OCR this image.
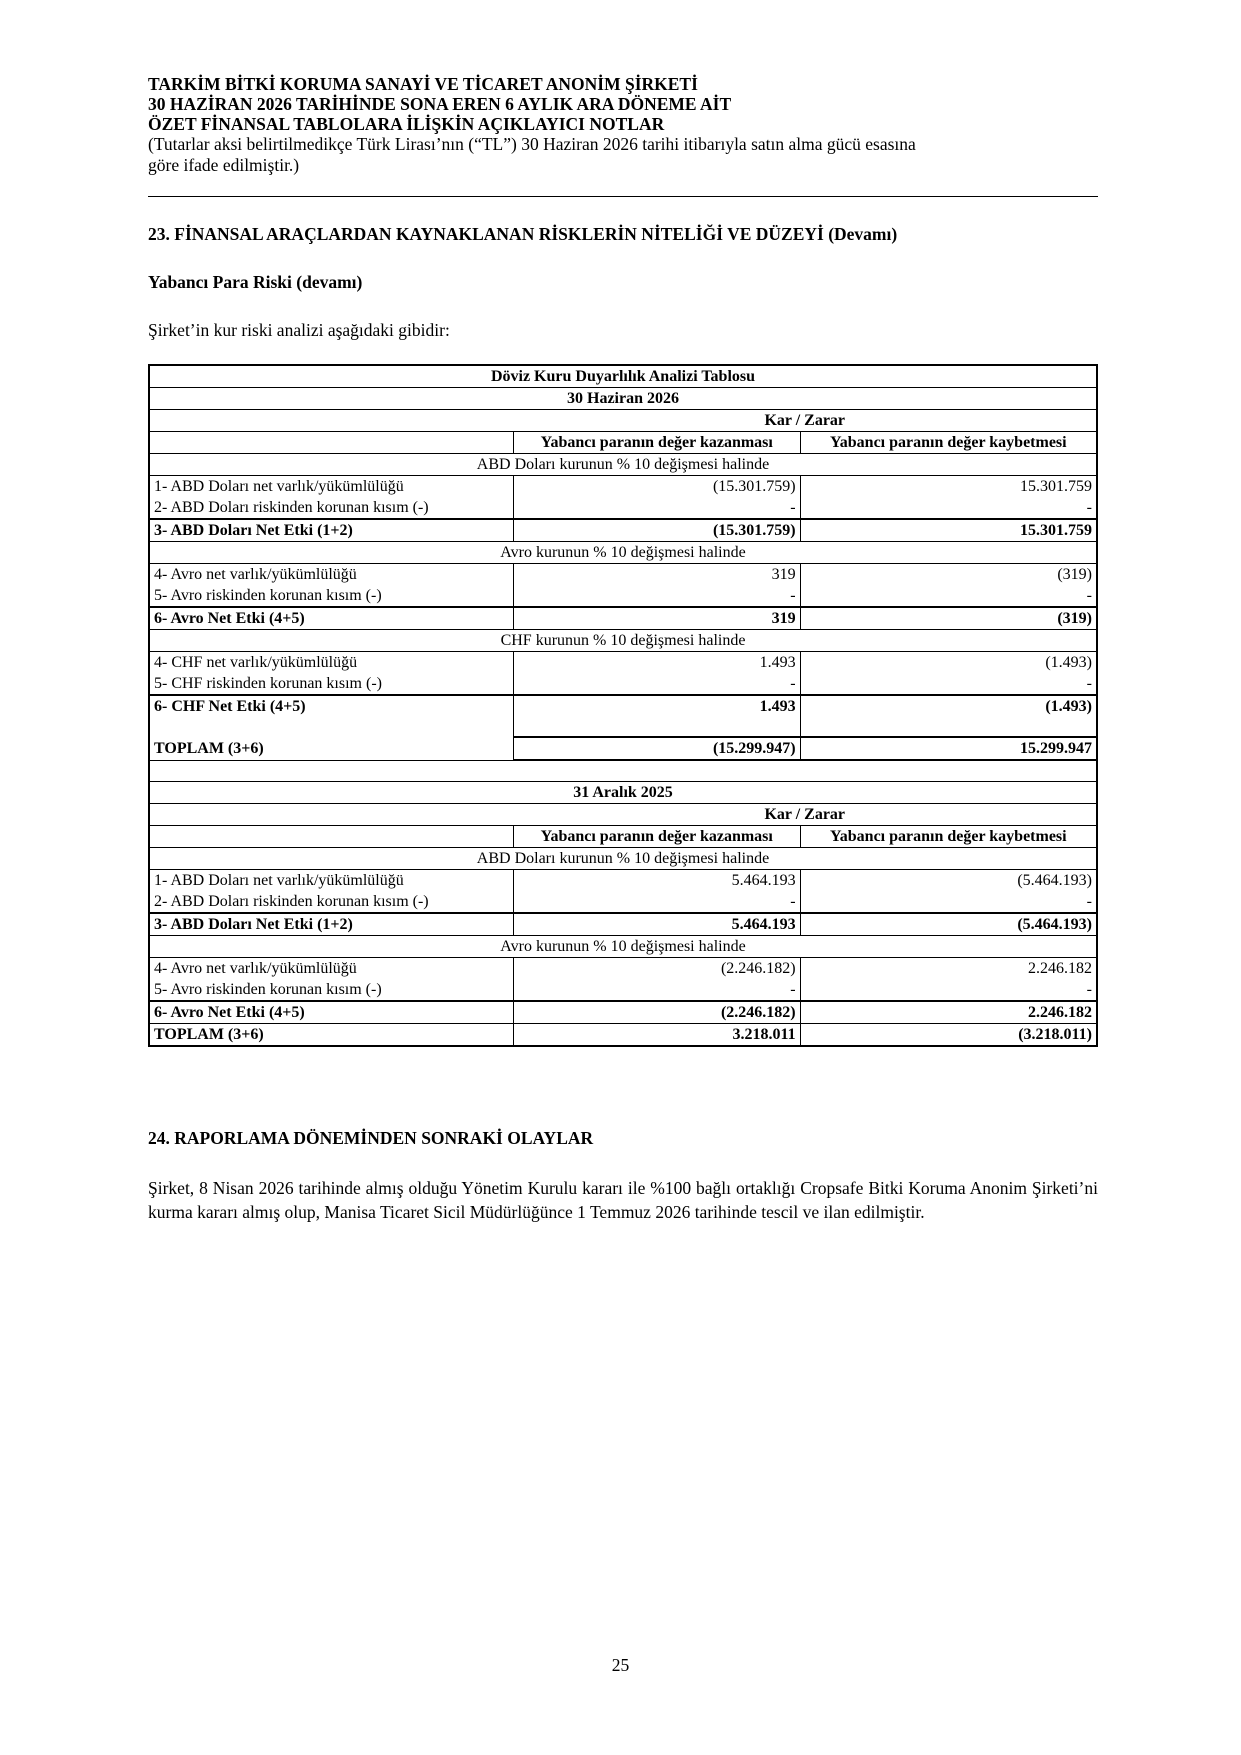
TARKİM BİTKİ KORUMA SANAYİ VE TİCARET ANONİM ŞİRKETİ
30 HAZİRAN 2026 TARİHİNDE SONA EREN 6 AYLIK ARA DÖNEME AİT
ÖZET FİNANSAL TABLOLARA İLİŞKİN AÇIKLAYICI NOTLAR
(Tutarlar aksi belirtilmedikçe Türk Lirası’nın (“TL”) 30 Haziran 2026 tarihi itibarıyla satın alma gücü esasına
göre ifade edilmiştir.)
23. FİNANSAL ARAÇLARDAN KAYNAKLANAN RİSKLERİN NİTELİĞİ VE DÜZEYİ (Devamı)
Yabancı Para Riski (devamı)
Şirket’in kur riski analizi aşağıdaki gibidir:
Döviz Kuru Duyarlılık Analizi Tablosu		
30 Haziran 2026		
	Kar / Zarar	
	Yabancı paranın değer kazanması	Yabancı paranın değer kaybetmesi
ABD Doları kurunun % 10 değişmesi halinde		
1- ABD Doları net varlık/yükümlülüğü	(15.301.759)	15.301.759
2- ABD Doları riskinden korunan kısım (-)	-	-
3- ABD Doları Net Etki (1+2)	(15.301.759)	15.301.759
Avro kurunun % 10 değişmesi halinde		
4- Avro net varlık/yükümlülüğü	319	(319)
5- Avro riskinden korunan kısım (-)	-	-
6- Avro Net Etki (4+5)	319	(319)
CHF kurunun % 10 değişmesi halinde		
4- CHF net varlık/yükümlülüğü	1.493	(1.493)
5- CHF riskinden korunan kısım (-)	-	-
6- CHF Net Etki (4+5)	1.493	(1.493)
TOPLAM (3+6)	(15.299.947)	15.299.947

31 Aralık 2025		
	Kar / Zarar	
	Yabancı paranın değer kazanması	Yabancı paranın değer kaybetmesi
ABD Doları kurunun % 10 değişmesi halinde		
1- ABD Doları net varlık/yükümlülüğü	5.464.193	(5.464.193)
2- ABD Doları riskinden korunan kısım (-)	-	-
3- ABD Doları Net Etki (1+2)	5.464.193	(5.464.193)
Avro kurunun % 10 değişmesi halinde		
4- Avro net varlık/yükümlülüğü	(2.246.182)	2.246.182
5- Avro riskinden korunan kısım (-)	-	-
6- Avro Net Etki (4+5)	(2.246.182)	2.246.182
TOPLAM (3+6)	3.218.011	(3.218.011)
24. RAPORLAMA DÖNEMİNDEN SONRAKİ OLAYLAR
Şirket, 8 Nisan 2026 tarihinde almış olduğu Yönetim Kurulu kararı ile %100 bağlı ortaklığı Cropsafe Bitki Koruma Anonim Şirketi’ni kurma kararı almış olup, Manisa Ticaret Sicil Müdürlüğünce 1 Temmuz 2026 tarihinde tescil ve ilan edilmiştir.
25
